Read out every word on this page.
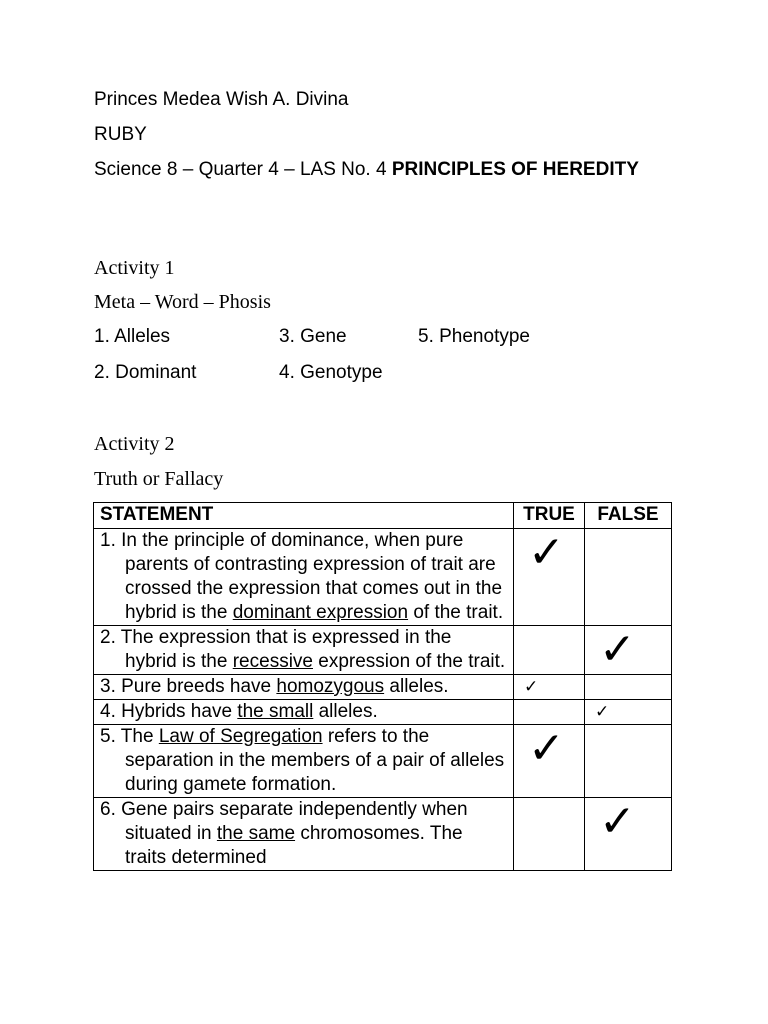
Princes Medea Wish A. Divina
RUBY
Science 8 – Quarter 4 – LAS No. 4 PRINCIPLES OF HEREDITY
Activity 1
Meta – Word – Phosis
1. Alleles	3. Gene	5. Phenotype
2. Dominant	4. Genotype
Activity 2
Truth or Fallacy
STATEMENT	TRUE	FALSE

1. In the principle of dominance, when pure parents of contrasting expression of trait are crossed the expression that comes out in the hybrid is the dominant expression of the trait.	✓	

2. The expression that is expressed in the hybrid is the recessive expression of the trait.		✓

3. Pure breeds have homozygous alleles.	✓	

4. Hybrids have the small alleles.		✓

5. The Law of Segregation refers to the separation in the members of a pair of alleles during gamete formation.	✓	

6. Gene pairs separate independently when situated in the same chromosomes. The traits determined		✓
